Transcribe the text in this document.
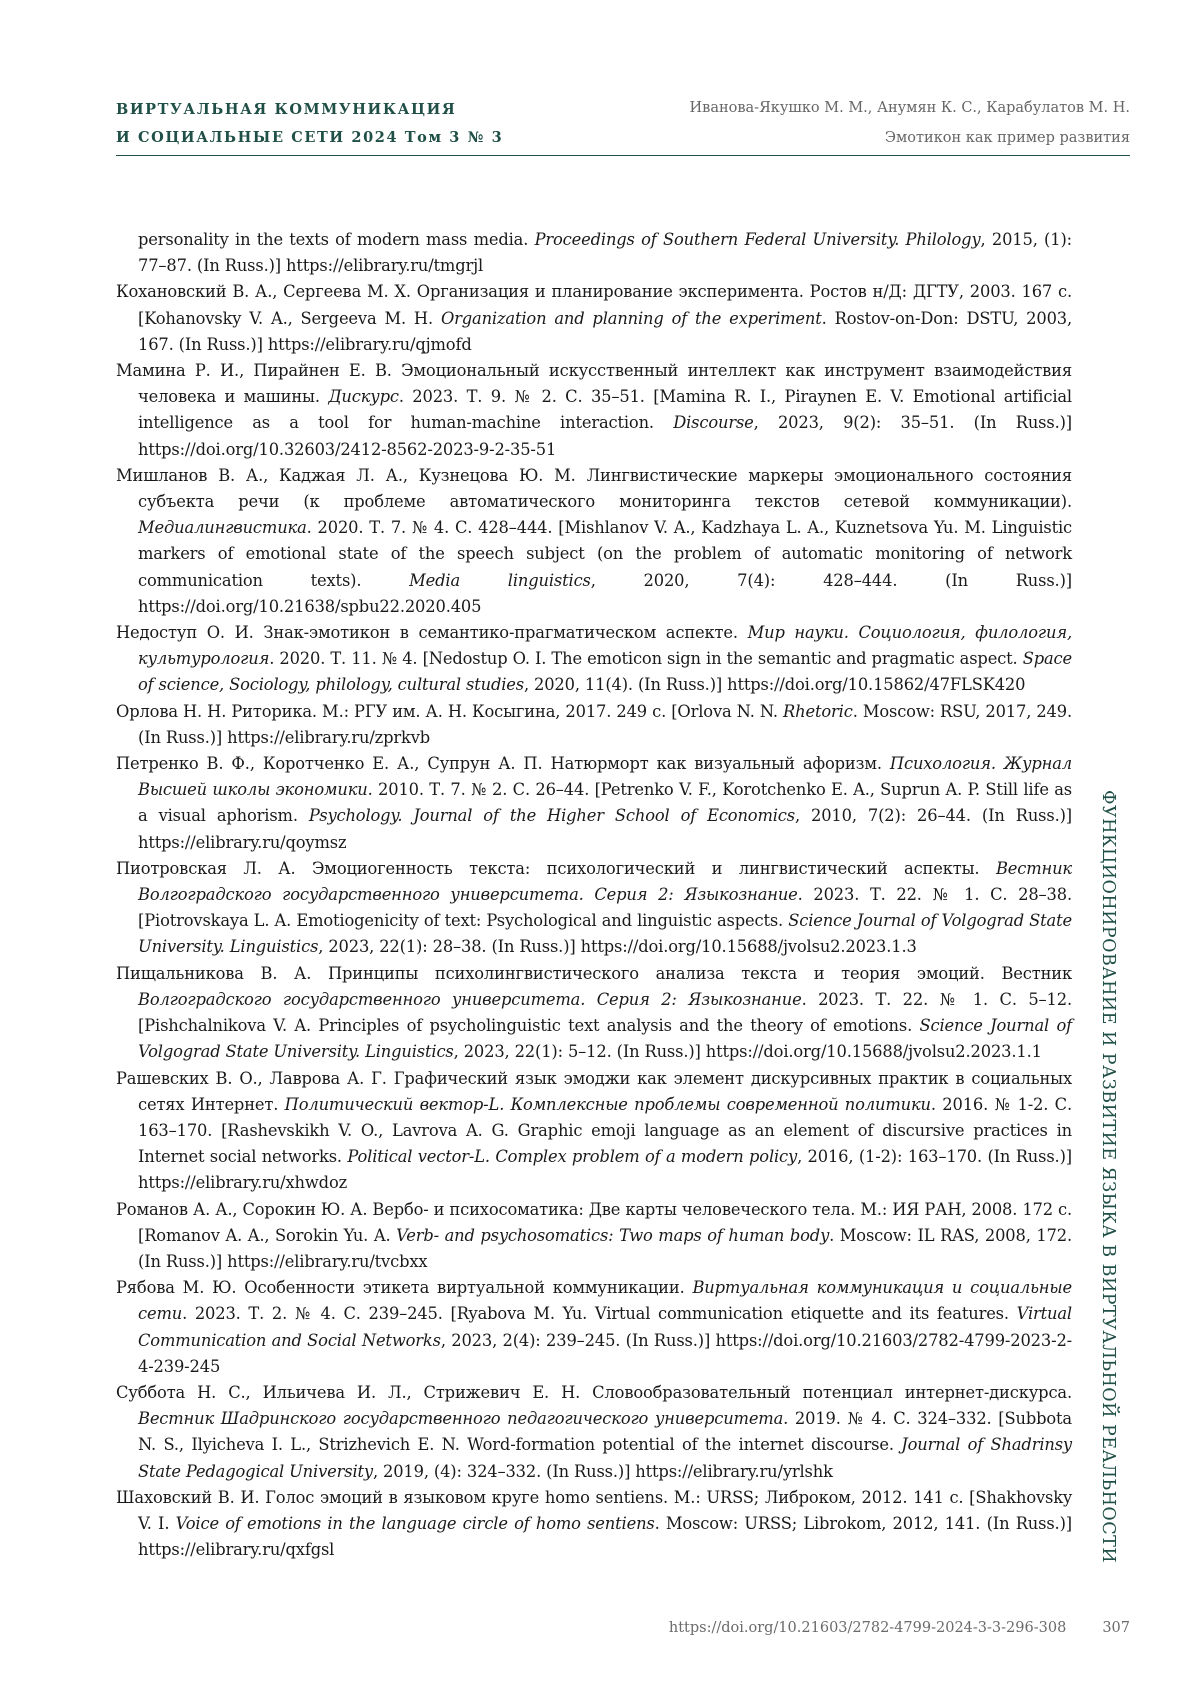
ВИРТУАЛЬНАЯ КОММУНИКАЦИЯ
И СОЦИАЛЬНЫЕ СЕТИ 2024 Том 3 № 3
Иванова-Якушко М. М., Анумян К. С., Карабулатов М. Н.
Эмотикон как пример развития

personality in the texts of modern mass media. Proceedings of Southern Federal University. Philology, 2015, (1): 77–87. (In Russ.)] https://elibrary.ru/tmgrjl

Кохановский В. А., Сергеева М. Х. Организация и планирование эксперимента. Ростов н/Д: ДГТУ, 2003. 167 с. [Kohanovsky V. A., Sergeeva M. H. Organization and planning of the experiment. Rostov-on-Don: DSTU, 2003, 167. (In Russ.)] https://elibrary.ru/qjmofd

Мамина Р. И., Пирайнен Е. В. Эмоциональный искусственный интеллект как инструмент взаимодействия человека и машины. Дискурс. 2023. Т. 9. № 2. С. 35–51. [Mamina R. I., Piraynen E. V. Emotional artificial intelligence as a tool for human-machine interaction. Discourse, 2023, 9(2): 35–51. (In Russ.)] https://doi.org/10.32603/2412-8562-2023-9-2-35-51

Мишланов В. А., Каджая Л. А., Кузнецова Ю. М. Лингвистические маркеры эмоционального состояния субъекта речи (к проблеме автоматического мониторинга текстов сетевой коммуникации). Медиалингвистика. 2020. Т. 7. № 4. С. 428–444. [Mishlanov V. A., Kadzhaya L. A., Kuznetsova Yu. M. Linguistic markers of emotional state of the speech subject (on the problem of automatic monitoring of network communication texts). Media linguistics, 2020, 7(4): 428–444. (In Russ.)] https://doi.org/10.21638/spbu22.2020.405

Недоступ О. И. Знак-эмотикон в семантико-прагматическом аспекте. Мир науки. Социология, филология, культурология. 2020. Т. 11. № 4. [Nedostup O. I. The emoticon sign in the semantic and pragmatic aspect. Space of science, Sociology, philology, cultural studies, 2020, 11(4). (In Russ.)] https://doi.org/10.15862/47FLSK420

Орлова Н. Н. Риторика. М.: РГУ им. А. Н. Косыгина, 2017. 249 с. [Orlova N. N. Rhetoric. Moscow: RSU, 2017, 249. (In Russ.)] https://elibrary.ru/zprkvb

Петренко В. Ф., Коротченко Е. А., Супрун А. П. Натюрморт как визуальный афоризм. Психология. Журнал Высшей школы экономики. 2010. Т. 7. № 2. С. 26–44. [Petrenko V. F., Korotchenko E. A., Suprun A. P. Still life as a visual aphorism. Psychology. Journal of the Higher School of Economics, 2010, 7(2): 26–44. (In Russ.)] https://elibrary.ru/qoymsz

Пиотровская Л. А. Эмоциогенность текста: психологический и лингвистический аспекты. Вестник Волгоградского государственного университета. Серия 2: Языкознание. 2023. Т. 22. № 1. С. 28–38. [Piotrovskaya L. A. Emotiogenicity of text: Psychological and linguistic aspects. Science Journal of Volgograd State University. Linguistics, 2023, 22(1): 28–38. (In Russ.)] https://doi.org/10.15688/jvolsu2.2023.1.3

Пищальникова В. А. Принципы психолингвистического анализа текста и теория эмоций. Вестник Волгоградского государственного университета. Серия 2: Языкознание. 2023. Т. 22. № 1. С. 5–12. [Pishchalnikova V. A. Principles of psycholinguistic text analysis and the theory of emotions. Science Journal of Volgograd State University. Linguistics, 2023, 22(1): 5–12. (In Russ.)] https://doi.org/10.15688/jvolsu2.2023.1.1

Рашевских В. О., Лаврова А. Г. Графический язык эмоджи как элемент дискурсивных практик в социальных сетях Интернет. Политический вектор-L. Комплексные проблемы современной политики. 2016. № 1-2. С. 163–170. [Rashevskikh V. O., Lavrova A. G. Graphic emoji language as an element of discursive practices in Internet social networks. Political vector-L. Complex problem of a modern policy, 2016, (1-2): 163–170. (In Russ.)] https://elibrary.ru/xhwdoz

Романов А. А., Сорокин Ю. А. Вербо- и психосоматика: Две карты человеческого тела. М.: ИЯ РАН, 2008. 172 с. [Romanov A. A., Sorokin Yu. A. Verb- and psychosomatics: Two maps of human body. Moscow: IL RAS, 2008, 172. (In Russ.)] https://elibrary.ru/tvcbxx

Рябова М. Ю. Особенности этикета виртуальной коммуникации. Виртуальная коммуникация и социальные сети. 2023. Т. 2. № 4. С. 239–245. [Ryabova M. Yu. Virtual communication etiquette and its features. Virtual Communication and Social Networks, 2023, 2(4): 239–245. (In Russ.)] https://doi.org/10.21603/2782-4799-2023-2-4-239-245

Суббота Н. С., Ильичева И. Л., Стрижевич Е. Н. Словообразовательный потенциал интернет-дискурса. Вестник Шадринского государственного педагогического университета. 2019. № 4. С. 324–332. [Subbota N. S., Ilyicheva I. L., Strizhevich E. N. Word-formation potential of the internet discourse. Journal of Shadrinsy State Pedagogical University, 2019, (4): 324–332. (In Russ.)] https://elibrary.ru/yrlshk

Шаховский В. И. Голос эмоций в языковом круге homo sentiens. М.: URSS; Либроком, 2012. 141 с. [Shakhovsky V. I. Voice of emotions in the language circle of homo sentiens. Moscow: URSS; Librokom, 2012, 141. (In Russ.)] https://elibrary.ru/qxfgsl	ФУНКЦИОНИРОВАНИЕ И РАЗВИТИЕ ЯЗЫКА В ВИРТУАЛЬНОЙ РЕАЛЬНОСТИ
https://doi.org/10.21603/2782-4799-2024-3-3-296-308 307
